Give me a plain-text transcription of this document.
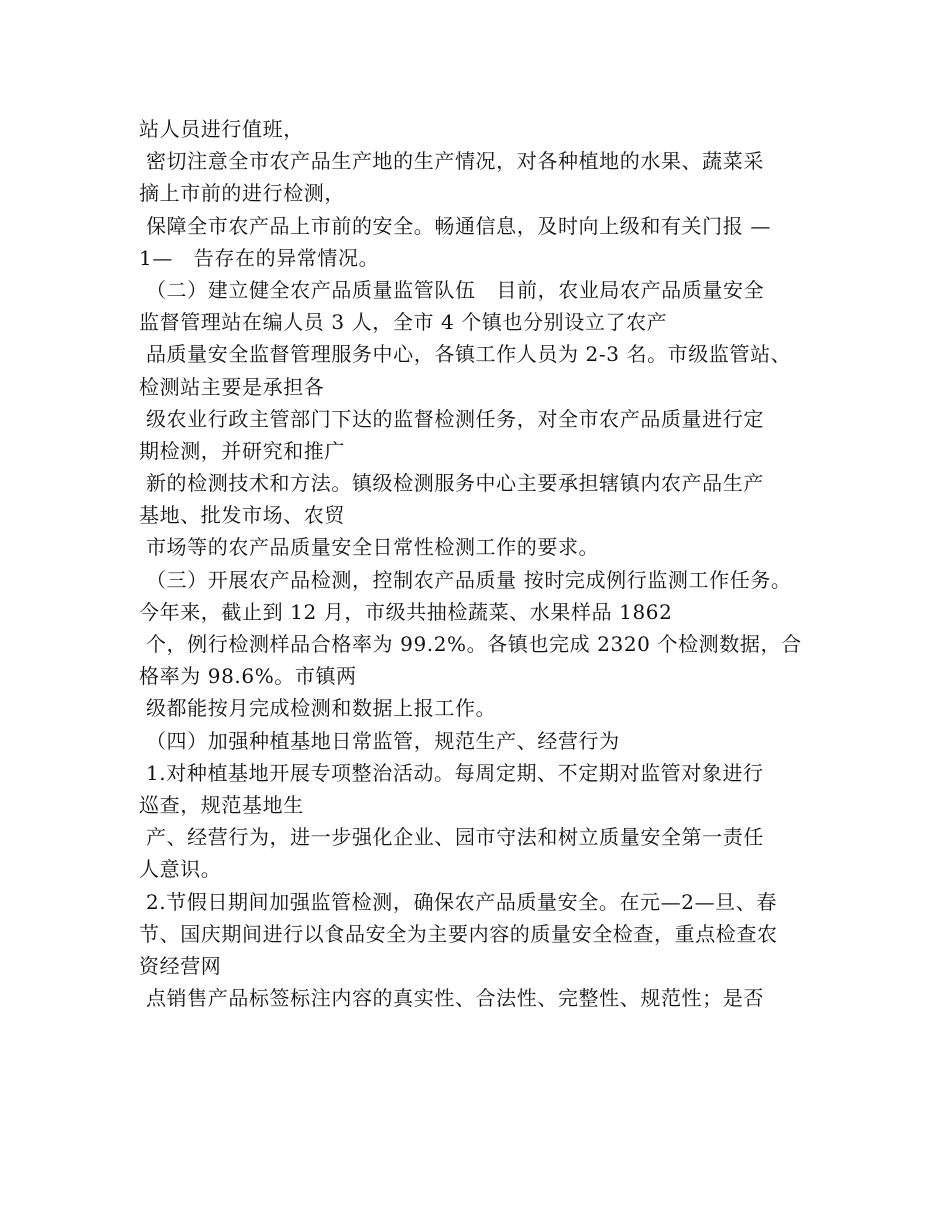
站人员进行值班，
密切注意全市农产品生产地的生产情况，对各种植地的水果、蔬菜采
摘上市前的进行检测，
保障全市农产品上市前的安全。畅通信息，及时向上级和有关门报 —
1—   告存在的异常情况。
（二）建立健全农产品质量监管队伍   目前，农业局农产品质量安全
监督管理站在编人员 3 人，全市 4 个镇也分别设立了农产
品质量安全监督管理服务中心，各镇工作人员为 2-3 名。市级监管站、
检测站主要是承担各
级农业行政主管部门下达的监督检测任务，对全市农产品质量进行定
期检测，并研究和推广
新的检测技术和方法。镇级检测服务中心主要承担辖镇内农产品生产
基地、批发市场、农贸
市场等的农产品质量安全日常性检测工作的要求。
（三）开展农产品检测，控制农产品质量 按时完成例行监测工作任务。
今年来，截止到 12 月，市级共抽检蔬菜、水果样品 1862
个，例行检测样品合格率为 99.2%。各镇也完成 2320 个检测数据，合
格率为 98.6%。市镇两
级都能按月完成检测和数据上报工作。
（四）加强种植基地日常监管，规范生产、经营行为
1.对种植基地开展专项整治活动。每周定期、不定期对监管对象进行
巡查，规范基地生
产、经营行为，进一步强化企业、园市守法和树立质量安全第一责任
人意识。
2.节假日期间加强监管检测，确保农产品质量安全。在元—2—旦、春
节、国庆期间进行以食品安全为主要内容的质量安全检查，重点检查农
资经营网
点销售产品标签标注内容的真实性、合法性、完整性、规范性；是否
